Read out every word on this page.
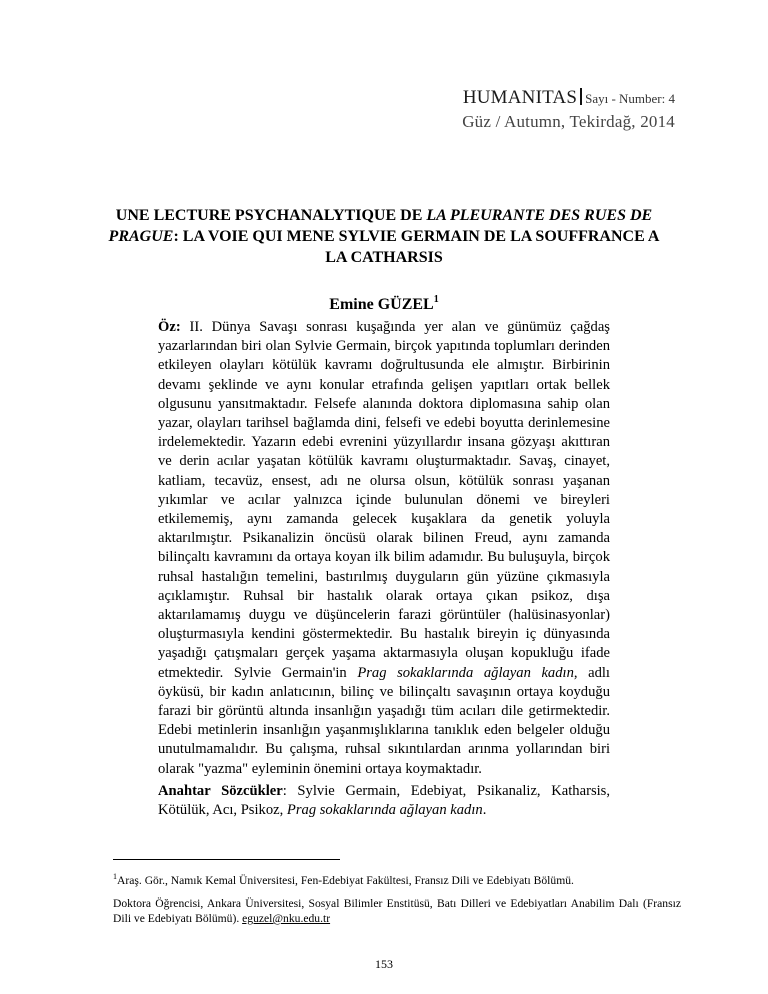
HUMANITAS Sayı - Number: 4
Güz / Autumn, Tekirdağ, 2014
UNE LECTURE PSYCHANALYTIQUE DE LA PLEURANTE DES RUES DE PRAGUE: LA VOIE QUI MENE SYLVIE GERMAIN DE LA SOUFFRANCE A LA CATHARSIS
Emine GÜZEL$^1$

Öz: II. Dünya Savaşı sonrası kuşağında yer alan ve günümüz çağdaş yazarlarından biri olan Sylvie Germain, birçok yapıtında toplumları derinden etkileyen olayları kötülük kavramı doğrultusunda ele almıştır. Birbirinin devamı şeklinde ve aynı konular etrafında gelişen yapıtları ortak bellek olgusunu yansıtmaktadır. Felsefe alanında doktora diplomasına sahip olan yazar, olayları tarihsel bağlamda dini, felsefi ve edebi boyutta derinlemesine irdelemektedir. Yazarın edebi evrenini yüzyıllardır insana gözyaşı akıttıran ve derin acılar yaşatan kötülük kavramı oluşturmaktadır. Savaş, cinayet, katliam, tecavüz, ensest, adı ne olursa olsun, kötülük sonrası yaşanan yıkımlar ve acılar yalnızca içinde bulunulan dönemi ve bireyleri etkilememiş, aynı zamanda gelecek kuşaklara da genetik yoluyla aktarılmıştır. Psikanalizin öncüsü olarak bilinen Freud, aynı zamanda bilinçaltı kavramını da ortaya koyan ilk bilim adamıdır. Bu buluşuyla, birçok ruhsal hastalığın temelini, bastırılmış duyguların gün yüzüne çıkmasıyla açıklamıştır. Ruhsal bir hastalık olarak ortaya çıkan psikoz, dışa aktarılamamış duygu ve düşüncelerin farazi görüntüler (halüsinasyonlar) oluşturmasıyla kendini göstermektedir. Bu hastalık bireyin iç dünyasında yaşadığı çatışmaları gerçek yaşama aktarmasıyla oluşan kopukluğu ifade etmektedir. Sylvie Germain'in Prag sokaklarında ağlayan kadın, adlı öyküsü, bir kadın anlatıcının, bilinç ve bilinçaltı savaşının ortaya koyduğu farazi bir görüntü altında insanlığın yaşadığı tüm acıları dile getirmektedir. Edebi metinlerin insanlığın yaşanmışlıklarına tanıklık eden belgeler olduğu unutulmamalıdır. Bu çalışma, ruhsal sıkıntılardan arınma yollarından biri olarak "yazma" eyleminin önemini ortaya koymaktadır.

Anahtar Sözcükler: Sylvie Germain, Edebiyat, Psikanaliz, Katharsis, Kötülük, Acı, Psikoz, Prag sokaklarında ağlayan kadın.

$^1$Araş. Gör., Namık Kemal Üniversitesi, Fen-Edebiyat Fakültesi, Fransız Dili ve Edebiyatı Bölümü.

Doktora Öğrencisi, Ankara Üniversitesi, Sosyal Bilimler Enstitüsü, Batı Dilleri ve Edebiyatları Anabilim Dalı (Fransız Dili ve Edebiyatı Bölümü). eguzel@nku.edu.tr

153
